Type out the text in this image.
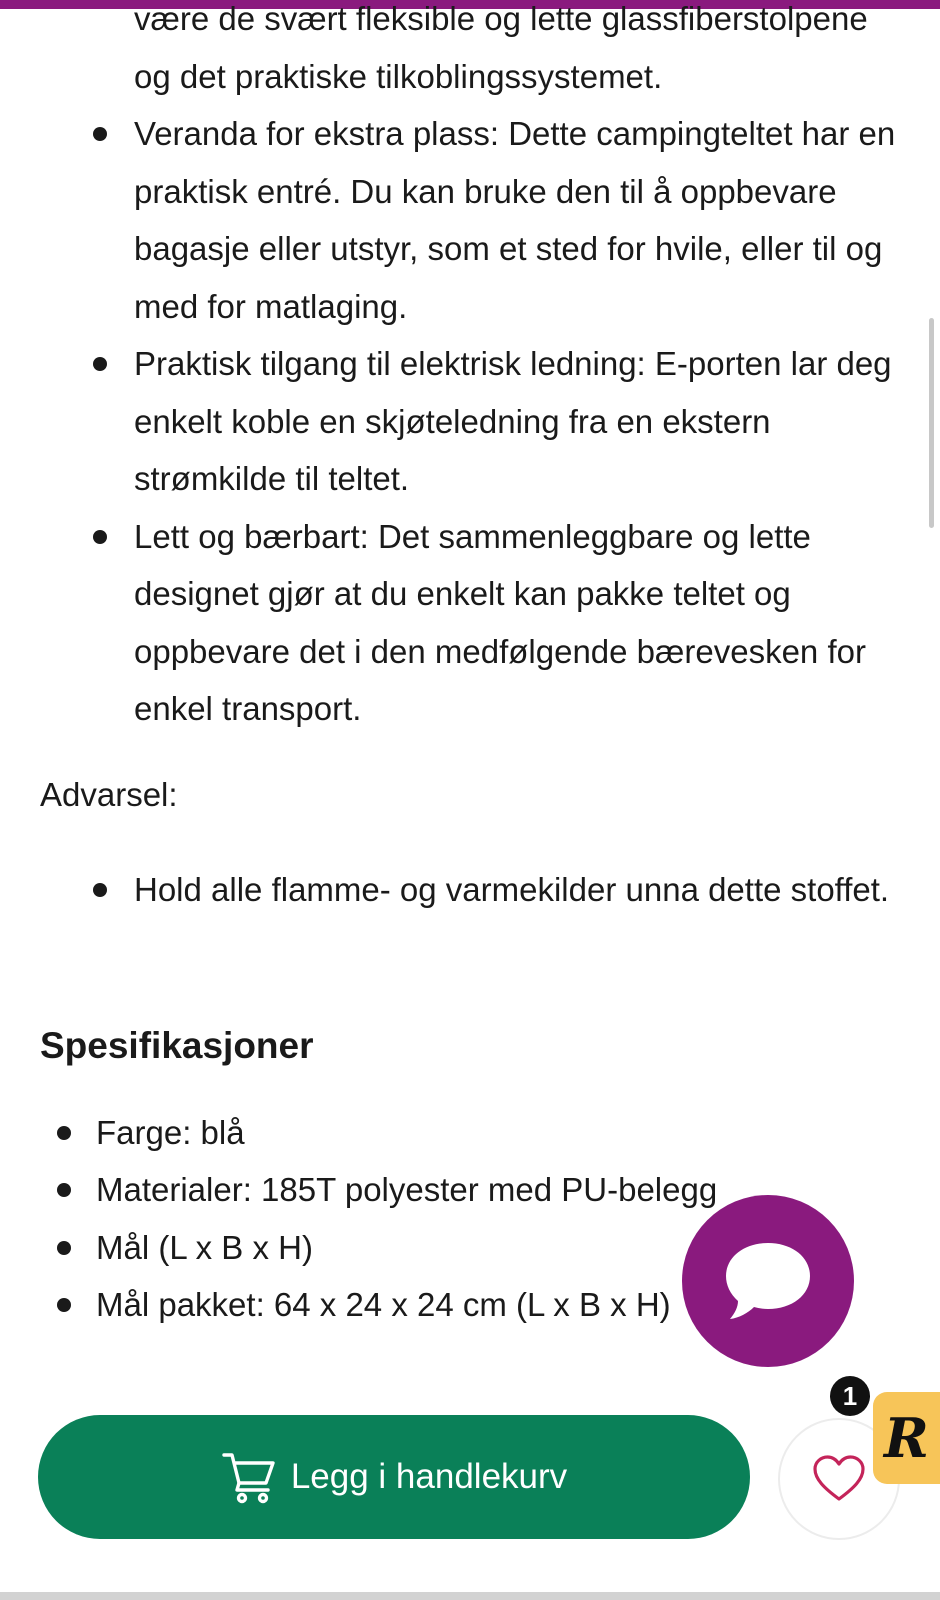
være de svært fleksible og lette glassfiberstolpene og det praktiske tilkoblingssystemet.
Veranda for ekstra plass: Dette campingteltet har en praktisk entré. Du kan bruke den til å oppbevare bagasje eller utstyr, som et sted for hvile, eller til og med for matlaging.
Praktisk tilgang til elektrisk ledning: E-porten lar deg enkelt koble en skjøteledning fra en ekstern strømkilde til teltet.
Lett og bærbart: Det sammenleggbare og lette designet gjør at du enkelt kan pakke teltet og oppbevare det i den medfølgende bærevesken for enkel transport.
Advarsel:
Hold alle flamme- og varmekilder unna dette stoffet.
Spesifikasjoner
Farge: blå
Materialer: 185T polyester med PU-belegg
Mål (L x B x H)
Mål pakket: 64 x 24 x 24 cm (L x B x H)
Legg i handlekurv
R
1
